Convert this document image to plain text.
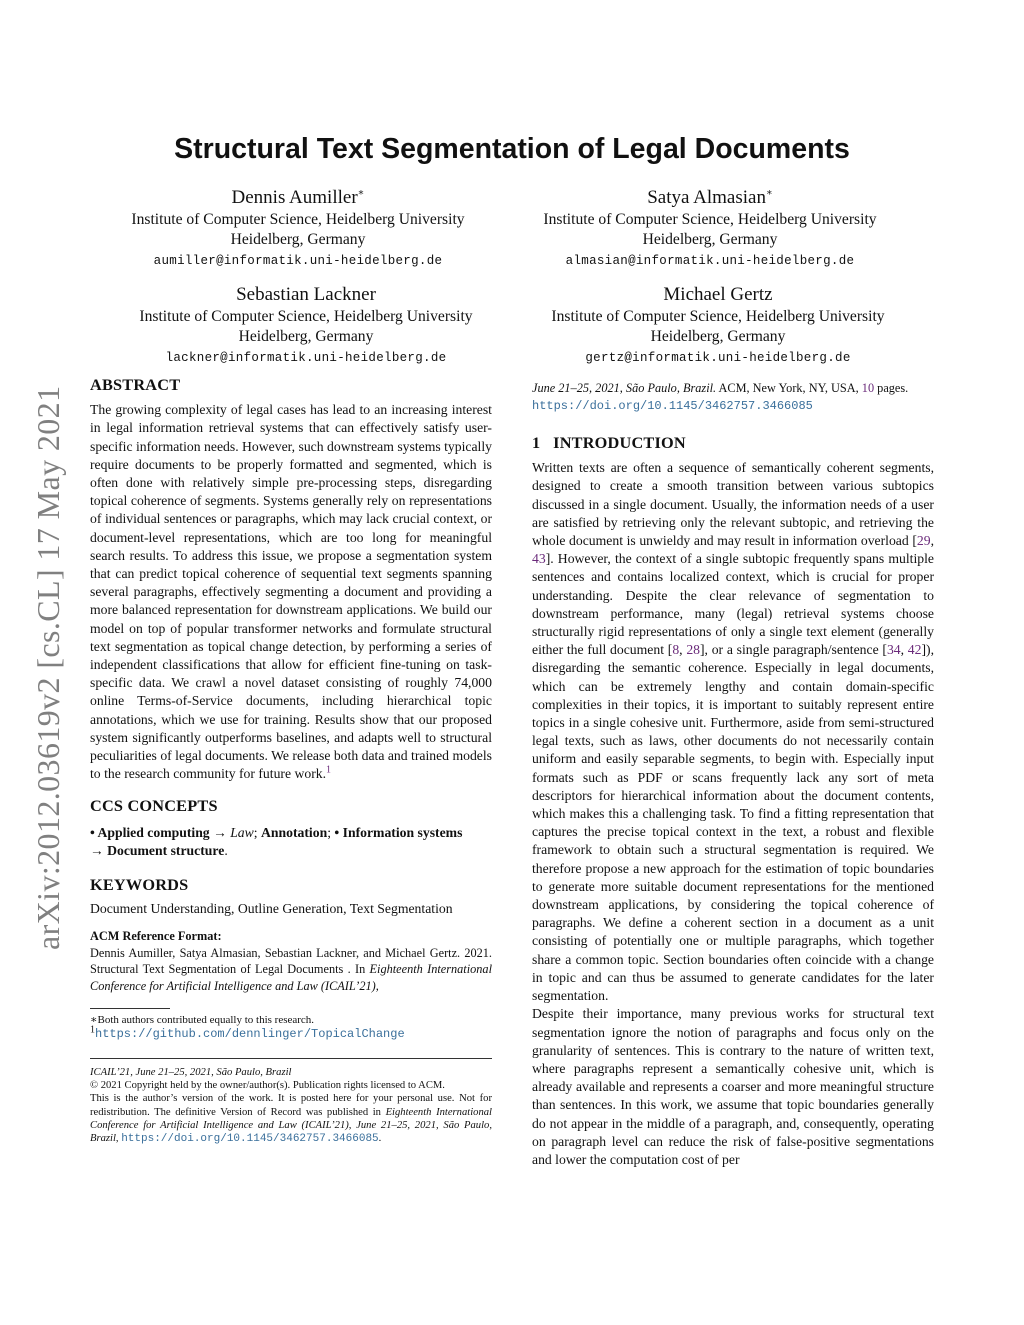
arXiv:2012.03619v2 [cs.CL] 17 May 2021
Structural Text Segmentation of Legal Documents
Dennis Aumiller∗
Institute of Computer Science, Heidelberg University
Heidelberg, Germany
aumiller@informatik.uni-heidelberg.de
Satya Almasian∗
Institute of Computer Science, Heidelberg University
Heidelberg, Germany
almasian@informatik.uni-heidelberg.de
Sebastian Lackner
Institute of Computer Science, Heidelberg University
Heidelberg, Germany
lackner@informatik.uni-heidelberg.de
Michael Gertz
Institute of Computer Science, Heidelberg University
Heidelberg, Germany
gertz@informatik.uni-heidelberg.de
ABSTRACT
The growing complexity of legal cases has lead to an increasing interest in legal information retrieval systems that can effectively satisfy user-specific information needs. However, such downstream systems typically require documents to be properly formatted and segmented, which is often done with relatively simple pre-processing steps, disregarding topical coherence of segments. Systems generally rely on representations of individual sentences or paragraphs, which may lack crucial context, or document-level representations, which are too long for meaningful search results. To address this issue, we propose a segmentation system that can predict topical coherence of sequential text segments spanning several paragraphs, effectively segmenting a document and providing a more balanced representation for downstream applications. We build our model on top of popular transformer networks and formulate structural text segmentation as topical change detection, by performing a series of independent classifications that allow for efficient fine-tuning on task-specific data. We crawl a novel dataset consisting of roughly 74,000 online Terms-of-Service documents, including hierarchical topic annotations, which we use for training. Results show that our proposed system significantly outperforms baselines, and adapts well to structural peculiarities of legal documents. We release both data and trained models to the research community for future work.$^1$
CCS CONCEPTS
• Applied computing → Law; Annotation; • Information systems
→ Document structure.
KEYWORDS
Document Understanding, Outline Generation, Text Segmentation
ACM Reference Format:
Dennis Aumiller, Satya Almasian, Sebastian Lackner, and Michael Gertz. 2021. Structural Text Segmentation of Legal Documents . In Eighteenth International Conference for Artificial Intelligence and Law (ICAIL’21),
∗Both authors contributed equally to this research.
$^1$https://github.com/dennlinger/TopicalChange
ICAIL’21, June 21–25, 2021, São Paulo, Brazil
© 2021 Copyright held by the owner/author(s). Publication rights licensed to ACM.
This is the author’s version of the work. It is posted here for your personal use. Not for redistribution. The definitive Version of Record was published in Eighteenth International Conference for Artificial Intelligence and Law (ICAIL’21), June 21–25, 2021, São Paulo, Brazil, https://doi.org/10.1145/3462757.3466085.
June 21–25, 2021, São Paulo, Brazil. ACM, New York, NY, USA, 10 pages.
https://doi.org/10.1145/3462757.3466085
1 INTRODUCTION
Written texts are often a sequence of semantically coherent segments, designed to create a smooth transition between various subtopics discussed in a single document. Usually, the information needs of a user are satisfied by retrieving only the relevant subtopic, and retrieving the whole document is unwieldy and may result in information overload [29, 43]. However, the context of a single subtopic frequently spans multiple sentences and contains localized context, which is crucial for proper understanding. Despite the clear relevance of segmentation to downstream performance, many (legal) retrieval systems choose structurally rigid representations of only a single text element (generally either the full document [8, 28], or a single paragraph/sentence [34, 42]), disregarding the semantic coherence. Especially in legal documents, which can be extremely lengthy and contain domain-specific complexities in their topics, it is important to suitably represent entire topics in a single cohesive unit. Furthermore, aside from semi-structured legal texts, such as laws, other documents do not necessarily contain uniform and easily separable segments, to begin with. Especially input formats such as PDF or scans frequently lack any sort of meta descriptors for hierarchical information about the document contents, which makes this a challenging task. To find a fitting representation that captures the precise topical context in the text, a robust and flexible framework to obtain such a structural segmentation is required. We therefore propose a new approach for the estimation of topic boundaries to generate more suitable document representations for the mentioned downstream applications, by considering the topical coherence of paragraphs. We define a coherent section in a document as a unit consisting of potentially one or multiple paragraphs, which together share a common topic. Section boundaries often coincide with a change in topic and can thus be assumed to generate candidates for the later segmentation.
Despite their importance, many previous works for structural text segmentation ignore the notion of paragraphs and focus only on the granularity of sentences. This is contrary to the nature of written text, where paragraphs represent a semantically cohesive unit, which is already available and represents a coarser and more meaningful structure than sentences. In this work, we assume that topic boundaries generally do not appear in the middle of a paragraph, and, consequently, operating on paragraph level can reduce the risk of false-positive segmentations and lower the computation cost of per
